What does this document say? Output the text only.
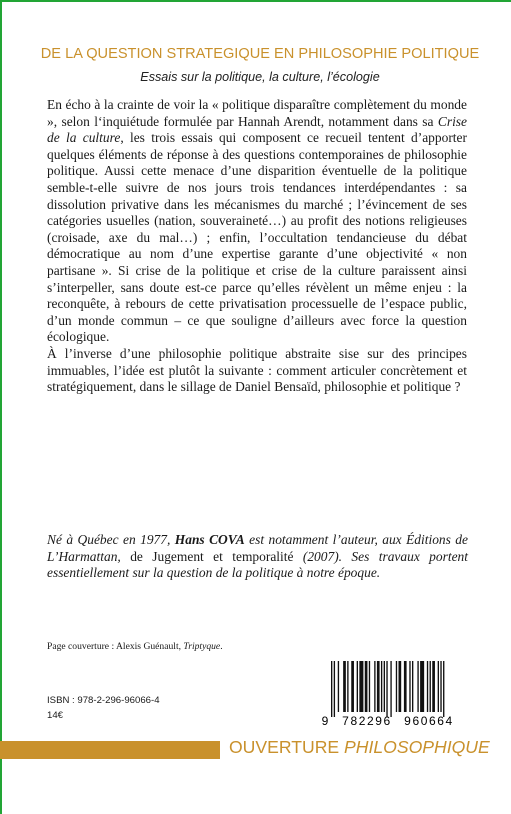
DE LA QUESTION STRATEGIQUE EN PHILOSOPHIE POLITIQUE
Essais sur la politique, la culture, l’écologie

En écho à la crainte de voir la « politique disparaître complètement du monde », selon l‘inquiétude formulée par Hannah Arendt, notamment dans sa Crise de la culture, les trois essais qui composent ce recueil tentent d’apporter quelques éléments de réponse à des questions contemporaines de philosophie politique. Aussi cette menace d’une disparition éventuelle de la politique semble-t-elle suivre de nos jours trois tendances interdépendantes : sa dissolution privative dans les mécanismes du marché ; l’évincement de ses catégories usuelles (nation, souveraineté…) au profit des notions religieuses (croisade, axe du mal…) ; enfin, l’occultation tendancieuse du débat démocratique au nom d’une expertise garante d’une objectivité « non partisane ». Si crise de la politique et crise de la culture paraissent ainsi s’interpeller, sans doute est-ce parce qu’elles révèlent un même enjeu : la reconquête, à rebours de cette privatisation processuelle de l’espace public, d’un monde commun – ce que souligne d’ailleurs avec force la question écologique.

À l’inverse d’une philosophie politique abstraite sise sur des principes immuables, l’idée est plutôt la suivante : comment articuler concrètement et stratégiquement, dans le sillage de Daniel Bensaïd, philosophie et politique ?

Né à Québec en 1977, Hans COVA est notamment l’auteur, aux Éditions de L’Harmattan, de Jugement et temporalité (2007). Ses travaux portent essentiellement sur la question de la politique à notre époque.
Page couverture : Alexis Guénault, Triptyque.
ISBN : 978-2-296-96066-4
14€	9 782296 960664
OUVERTURE PHILOSOPHIQUE
